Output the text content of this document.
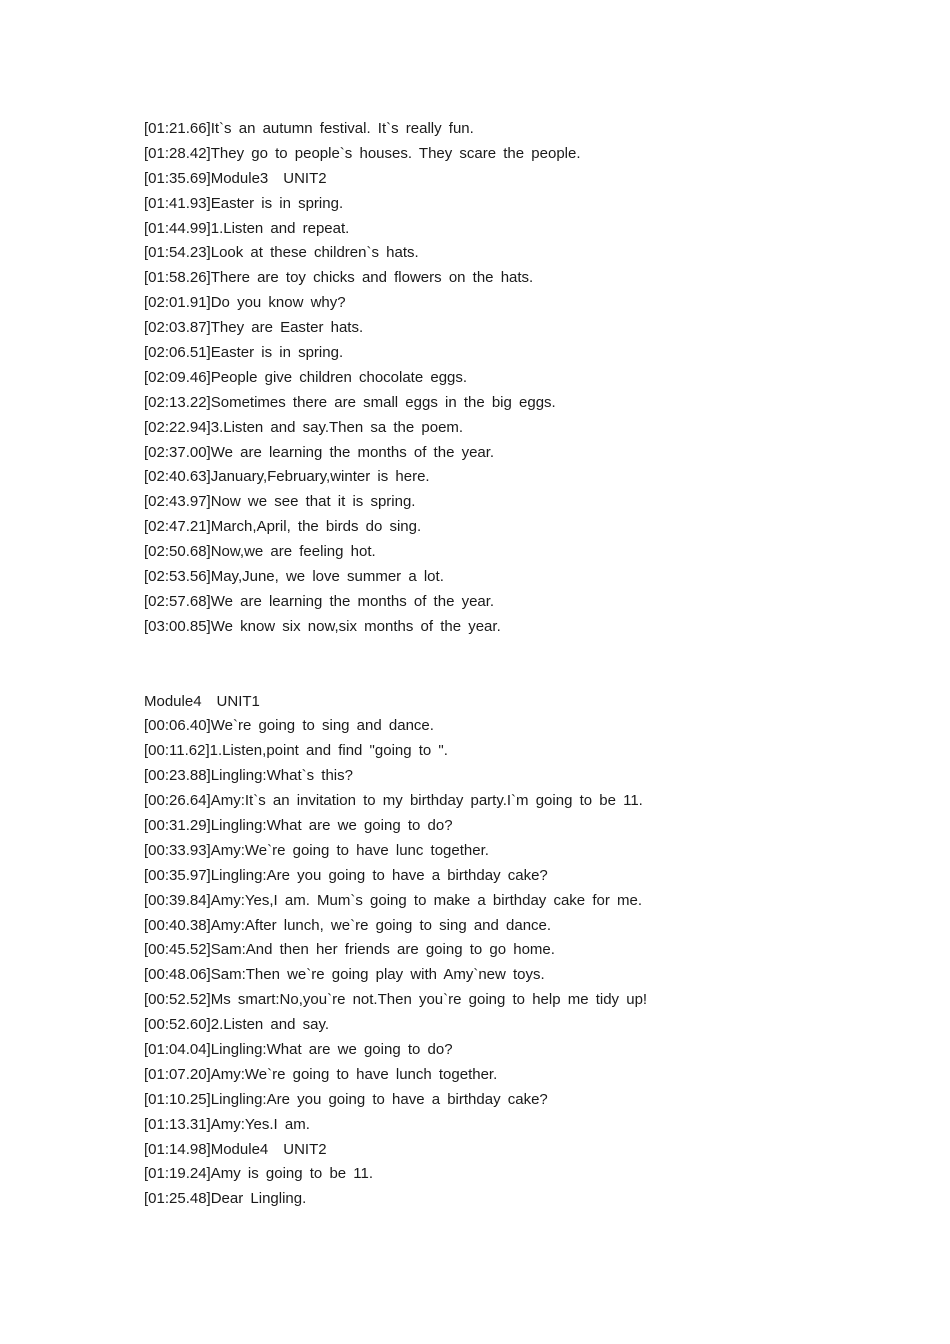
[01:21.66]It`s an autumn festival. It`s really fun.
[01:28.42]They go to people`s houses. They scare the people.
[01:35.69]Module3　UNIT2
[01:41.93]Easter is in spring.
[01:44.99]1.Listen and repeat.
[01:54.23]Look at these children`s hats.
[01:58.26]There are toy chicks and flowers on the hats.
[02:01.91]Do you know why?
[02:03.87]They are Easter hats.
[02:06.51]Easter is in spring.
[02:09.46]People give children chocolate eggs.
[02:13.22]Sometimes there are small eggs in the big eggs.
[02:22.94]3.Listen and say.Then sa the poem.
[02:37.00]We are learning the months of the year.
[02:40.63]January,February,winter is here.
[02:43.97]Now we see that it is spring.
[02:47.21]March,April, the birds do sing.
[02:50.68]Now,we are feeling hot.
[02:53.56]May,June, we love summer a lot.
[02:57.68]We are learning the months of the year.
[03:00.85]We know six now,six months of the year.
Module4　UNIT1
[00:06.40]We`re going to sing and dance.
[00:11.62]1.Listen,point and find "going to ".
[00:23.88]Lingling:What`s this?
[00:26.64]Amy:It`s an invitation to my birthday party.I`m going to be 11.
[00:31.29]Lingling:What are we going to do?
[00:33.93]Amy:We`re going to have lunc together.
[00:35.97]Lingling:Are you going to have a birthday cake?
[00:39.84]Amy:Yes,I am. Mum`s going to make a birthday cake for me.
[00:40.38]Amy:After lunch, we`re going to sing and dance.
[00:45.52]Sam:And then her friends are going to go home.
[00:48.06]Sam:Then we`re going play with Amy`new toys.
[00:52.52]Ms smart:No,you`re not.Then you`re going to help me tidy up!
[00:52.60]2.Listen and say.
[01:04.04]Lingling:What are we going to do?
[01:07.20]Amy:We`re going to have lunch together.
[01:10.25]Lingling:Are you going to have a birthday cake?
[01:13.31]Amy:Yes.I am.
[01:14.98]Module4　UNIT2
[01:19.24]Amy is going to be 11.
[01:25.48]Dear Lingling.
